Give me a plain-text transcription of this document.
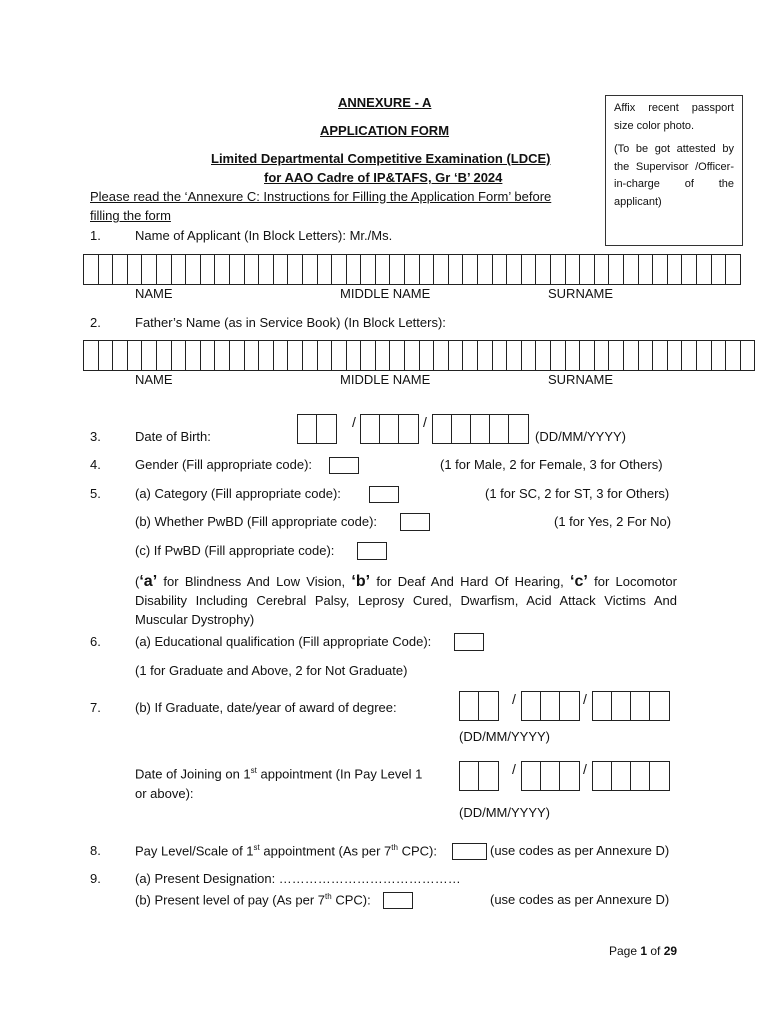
ANNEXURE - A
APPLICATION FORM
Limited Departmental Competitive Examination (LDCE)
for AAO Cadre of IP&TAFS, Gr ‘B’ 2024
Please read the ‘Annexure C: Instructions for Filling the Application Form’ before
filling the form

Affix recent passport

size color photo.

(To be got attested by

the Supervisor /Officer-

in-charge of the

applicant)

1.	Name of Applicant (In Block Letters): Mr./Ms.
NAME	MIDDLE NAME	SURNAME
2.	Father’s Name (as in Service Book) (In Block Letters):
NAME	MIDDLE NAME	SURNAME
3.	Date of Birth:
/	/
(DD/MM/YYYY)
4.	Gender (Fill appropriate code):	(1 for Male, 2 for Female, 3 for Others)
5.	(a) Category (Fill appropriate code):	(1 for SC, 2 for ST, 3 for Others)
(b) Whether PwBD (Fill appropriate code):	(1 for Yes, 2 For No)
(c) If PwBD (Fill appropriate code):
(‘a’ for Blindness And Low Vision, ‘b’ for Deaf And Hard Of Hearing, ‘c’ for Locomotor Disability Including Cerebral Palsy, Leprosy Cured, Dwarfism, Acid Attack Victims And Muscular Dystrophy)
6.	(a) Educational qualification (Fill appropriate Code):
(1 for Graduate and Above, 2 for Not Graduate)
7.	(b) If Graduate, date/year of award of degree:
/	/
(DD/MM/YYYY)
Date of Joining on 1st appointment (In Pay Level 1
or above):
/	/
(DD/MM/YYYY)
8.	Pay Level/Scale of 1st appointment (As per 7th CPC):	(use codes as per Annexure D)
9.	(a) Present Designation: ……………………………………
(b) Present level of pay (As per 7th CPC):	(use codes as per Annexure D)
Page 1 of 29
